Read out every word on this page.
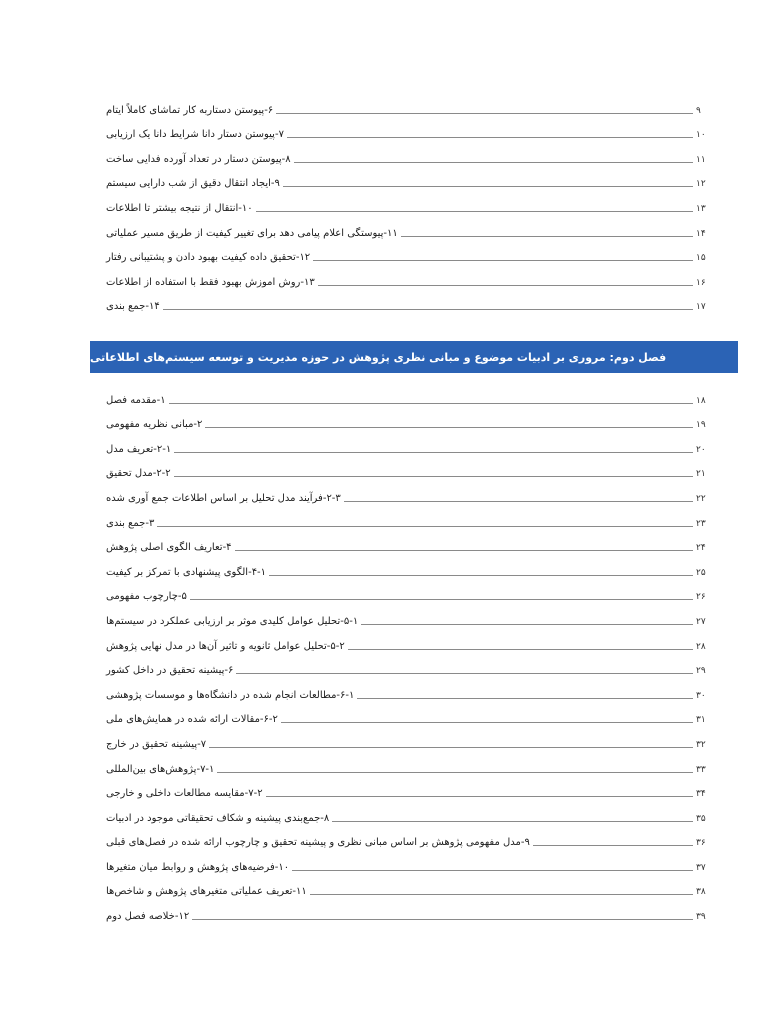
۶-پیوستن دستاربه کار تماشای کاملاً ایتام	۹
۷-پیوستن دستار دانا شرایط دانا یک ارزیابی	۱۰
۸-پیوستن دستار در تعداد آورده فدایی ساخت	۱۱
۹-ایجاد انتقال دقیق از شب دارایی سیستم	۱۲
۱۰-انتقال از نتیجه بیشتر تا اطلاعات	۱۳
۱۱-پیوستگی اعلام پیامی دهد برای تغییر کیفیت از طریق مسیر عملیاتی	۱۴
۱۲-تحقیق داده کیفیت بهبود دادن و پشتیبانی رفتار	۱۵
۱۳-روش اموزش بهبود فقط با استفاده از اطلاعات	۱۶
۱۴-جمع بندی	۱۷
فصل دوم: مروری بر ادبیات موضوع و مبانی نظری پژوهش در حوزه مدیریت و توسعه سیستم‌های اطلاعاتی
۱-مقدمه فصل	۱۸
۲-مبانی نظریه مفهومی	۱۹
۲-۱-تعریف مدل	۲۰
۲-۲-مدل تحقیق	۲۱
۲-۳-فرآیند مدل تحلیل بر اساس اطلاعات جمع آوری شده	۲۲
۳-جمع بندی	۲۳
۴-تعاریف الگوی اصلی پژوهش	۲۴
۴-۱-الگوی پیشنهادی با تمرکز بر کیفیت	۲۵
۵-چارچوب مفهومی	۲۶
۵-۱-تحلیل عوامل کلیدی موثر بر ارزیابی عملکرد در سیستم‌ها	۲۷
۵-۲-تحلیل عوامل ثانویه و تاثیر آن‌ها در مدل نهایی پژوهش	۲۸
۶-پیشینه تحقیق در داخل کشور	۲۹
۶-۱-مطالعات انجام شده در دانشگاه‌ها و موسسات پژوهشی	۳۰
۶-۲-مقالات ارائه شده در همایش‌های ملی	۳۱
۷-پیشینه تحقیق در خارج	۳۲
۷-۱-پژوهش‌های بین‌المللی	۳۳
۷-۲-مقایسه مطالعات داخلی و خارجی	۳۴
۸-جمع‌بندی پیشینه و شکاف تحقیقاتی موجود در ادبیات	۳۵
۹-مدل مفهومی پژوهش بر اساس مبانی نظری و پیشینه تحقیق و چارچوب ارائه شده در فصل‌های قبلی	۳۶
۱۰-فرضیه‌های پژوهش و روابط میان متغیرها	۳۷
۱۱-تعریف عملیاتی متغیرهای پژوهش و شاخص‌ها	۳۸
۱۲-خلاصه فصل دوم	۳۹
